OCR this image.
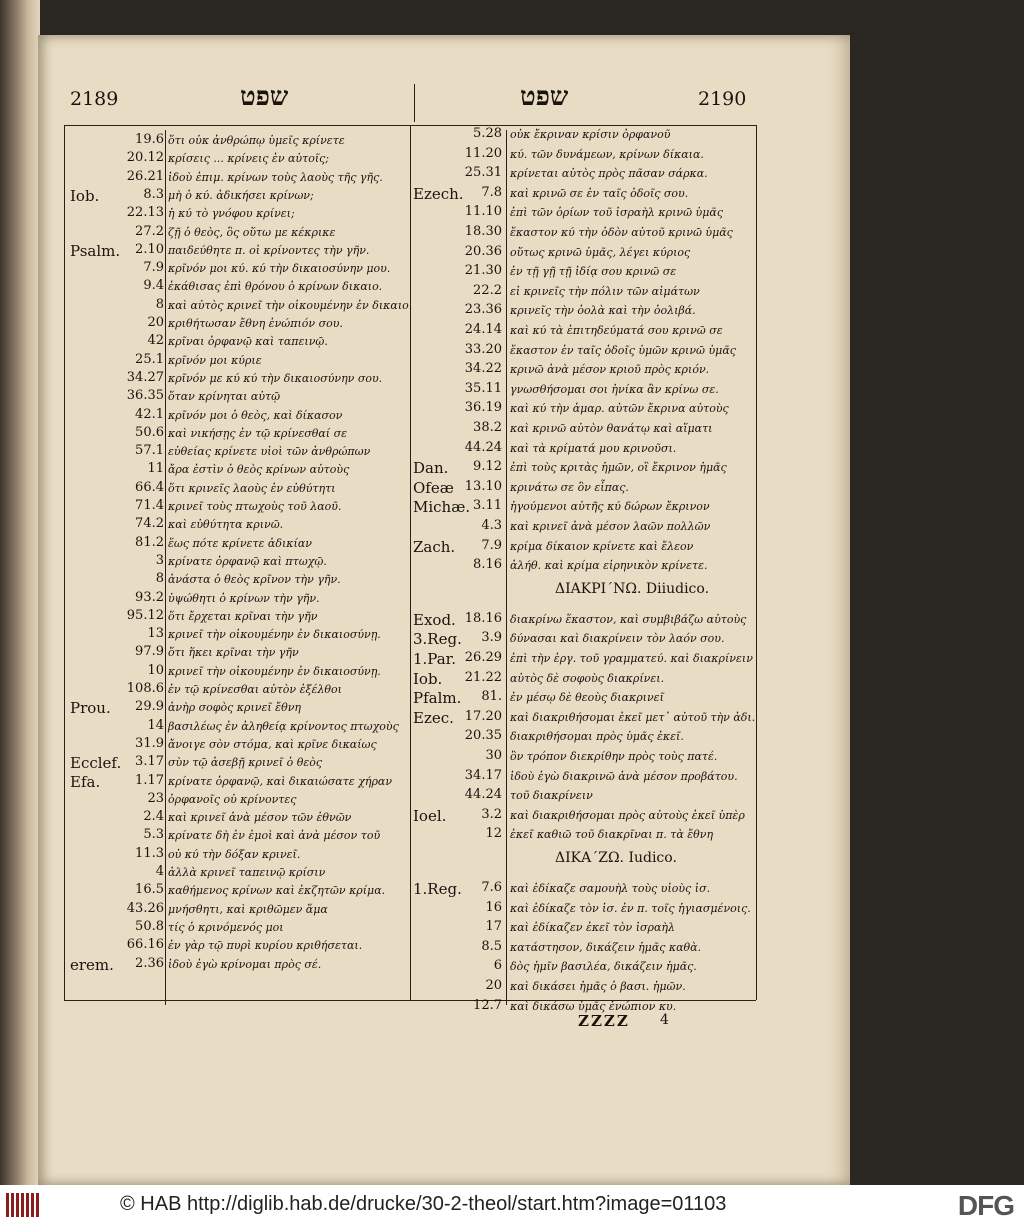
2189	שפט	שפט	2190
19.6 ὅτι οὐκ ἀνθρώπῳ ὑμεῖς κρίνετε
20.12 κρίσεις ... κρίνεις ἐν αὐτοῖς;
26.21 ἰδοὺ ἐπιμ. κρίνων τοὺς λαοὺς τῆς γῆς.
Iob.	8.3 μὴ ὁ κύ. ἀδικήσει κρίνων;
22.13 ἡ κύ τὸ γνόφου κρίνει;
27.2 ζῇ ὁ θεὸς, ὃς οὕτω με κέκρικε
Psalm.	2.10 παιδεύθητε π. οἱ κρίνοντες τὴν γῆν.
7.9 κρῖνόν μοι κύ. κύ τὴν δικαιοσύνην μου.
9.4 ἐκάθισας ἐπὶ θρόνου ὁ κρίνων δικαιο.
8 καὶ αὐτὸς κρινεῖ τὴν οἰκουμένην ἐν δικαιο.
20 κριθήτωσαν ἔθνη ἐνώπιόν σου.
42 κρῖναι ὀρφανῷ καὶ ταπεινῷ.
25.1 κρῖνόν μοι κύριε
34.27 κρῖνόν με κύ κύ τὴν δικαιοσύνην σου.
36.35 ὅταν κρίνηται αὐτῷ
42.1 κρῖνόν μοι ὁ θεὸς, καὶ δίκασον
50.6 καὶ νικήσῃς ἐν τῷ κρίνεσθαί σε
57.1 εὐθείας κρίνετε υἱοὶ τῶν ἀνθρώπων
11 ἄρα ἐστὶν ὁ θεὸς κρίνων αὐτοὺς
66.4 ὅτι κρινεῖς λαοὺς ἐν εὐθύτητι
71.4 κρινεῖ τοὺς πτωχοὺς τοῦ λαοῦ.
74.2 καὶ εὐθύτητα κρινῶ.
81.2 ἕως πότε κρίνετε ἀδικίαν
3 κρίνατε ὀρφανῷ καὶ πτωχῷ.
8 ἀνάστα ὁ θεὸς κρῖνον τὴν γῆν.
93.2 ὑψώθητι ὁ κρίνων τὴν γῆν.
95.12 ὅτι ἔρχεται κρῖναι τὴν γῆν
13 κρινεῖ τὴν οἰκουμένην ἐν δικαιοσύνῃ.
97.9 ὅτι ἥκει κρῖναι τὴν γῆν
10 κρινεῖ τὴν οἰκουμένην ἐν δικαιοσύνῃ.
108.6 ἐν τῷ κρίνεσθαι αὐτὸν ἐξέλθοι
Prou.	29.9 ἀνὴρ σοφὸς κρινεῖ ἔθνη
14 βασιλέως ἐν ἀληθείᾳ κρίνοντος πτωχοὺς
31.9 ἄνοιγε σὸν στόμα, καὶ κρῖνε δικαίως
Ecclef.	3.17 σὺν τῷ ἀσεβῇ κρινεῖ ὁ θεὸς
Efa.	1.17 κρίνατε ὀρφανῷ, καὶ δικαιώσατε χήραν
23 ὀρφανοῖς οὐ κρίνοντες
2.4 καὶ κρινεῖ ἀνὰ μέσον τῶν ἐθνῶν
5.3 κρίνατε δὴ ἐν ἐμοὶ καὶ ἀνὰ μέσον τοῦ
11.3 οὐ κύ τὴν δόξαν κρινεῖ.
4 ἀλλὰ κρινεῖ ταπεινῷ κρίσιν
16.5 καθήμενος κρίνων καὶ ἐκζητῶν κρίμα.
43.26 μνήσθητι, καὶ κριθῶμεν ἅμα
50.8 τίς ὁ κρινόμενός μοι
66.16 ἐν γὰρ τῷ πυρὶ κυρίου κριθήσεται.
erem.	2.36 ἰδοὺ ἐγὼ κρίνομαι πρὸς σέ.
5.28 οὐκ ἔκριναν κρίσιν ὀρφανοῦ
11.20 κύ. τῶν δυνάμεων, κρίνων δίκαια.
25.31 κρίνεται αὐτὸς πρὸς πᾶσαν σάρκα.
Ezech.	7.8 καὶ κρινῶ σε ἐν ταῖς ὁδοῖς σου.
11.10 ἐπὶ τῶν ὁρίων τοῦ ἰσραὴλ κρινῶ ὑμᾶς
18.30 ἕκαστον κύ τὴν ὁδὸν αὐτοῦ κρινῶ ὑμᾶς
20.36 οὕτως κρινῶ ὑμᾶς, λέγει κύριος
21.30 ἐν τῇ γῇ τῇ ἰδίᾳ σου κρινῶ σε
22.2 εἰ κρινεῖς τὴν πόλιν τῶν αἱμάτων
23.36 κρινεῖς τὴν ὀολὰ καὶ τὴν ὀολιβά.
24.14 καὶ κύ τὰ ἐπιτηδεύματά σου κρινῶ σε
33.20 ἕκαστον ἐν ταῖς ὁδοῖς ὑμῶν κρινῶ ὑμᾶς
34.22 κρινῶ ἀνὰ μέσον κριοῦ πρὸς κριόν.
35.11 γνωσθήσομαι σοι ἡνίκα ἂν κρίνω σε.
36.19 καὶ κύ τὴν ἁμαρ. αὐτῶν ἔκρινα αὐτοὺς
38.2 καὶ κρινῶ αὐτὸν θανάτῳ καὶ αἵματι
44.24 καὶ τὰ κρίματά μου κρινοῦσι.
Dan.	9.12 ἐπὶ τοὺς κριτὰς ἡμῶν, οἳ ἔκρινον ἡμᾶς
Ofeæ 13.10 κρινάτω σε ὃν εἶπας.
Michæ. 3.11 ἡγούμενοι αὐτῆς κύ δώρων ἔκρινον
4.3 καὶ κρινεῖ ἀνὰ μέσον λαῶν πολλῶν
Zach.	7.9 κρίμα δίκαιον κρίνετε καὶ ἔλεον
8.16 ἀλήθ. καὶ κρίμα εἰρηνικὸν κρίνετε.
ΔΙΑΚΡΙ΄ΝΩ. Diiudico.
Exod. 18.16 διακρίνω ἕκαστον, καὶ συμβιβάζω αὐτοὺς
3.Reg.	3.9 δύνασαι καὶ διακρίνειν τὸν λαόν σου.
1.Par. 26.29 ἐπὶ τὴν ἐργ. τοῦ γραμματεύ. καὶ διακρίνειν
Iob.	21.22 αὐτὸς δὲ σοφοὺς διακρίνει.
Pfalm.	81. ἐν μέσῳ δὲ θεοὺς διακρινεῖ
Ezec. 17.20 καὶ διακριθήσομαι ἐκεῖ μετ᾽ αὐτοῦ τὴν ἀδι.
20.35 διακριθήσομαι πρὸς ὑμᾶς ἐκεῖ.
30 ὃν τρόπον διεκρίθην πρὸς τοὺς πατέ.
34.17 ἰδοὺ ἐγὼ διακρινῶ ἀνὰ μέσον προβάτου.
44.24 τοῦ διακρίνειν
Ioel.	3.2 καὶ διακριθήσομαι πρὸς αὐτοὺς ἐκεῖ ὑπὲρ
12 ἐκεῖ καθιῶ τοῦ διακρῖναι π. τὰ ἔθνη
ΔΙΚΑ΄ΖΩ. Iudico.
1.Reg.	7.6 καὶ ἐδίκαζε σαμουὴλ τοὺς υἱοὺς ἰσ.
16 καὶ ἐδίκαζε τὸν ἰσ. ἐν π. τοῖς ἡγιασμένοις.
17 καὶ ἐδίκαζεν ἐκεῖ τὸν ἰσραὴλ
8.5 κατάστησον, δικάζειν ἡμᾶς καθὰ.
6 δὸς ἡμῖν βασιλέα, δικάζειν ἡμᾶς.
20 καὶ δικάσει ἡμᾶς ὁ βασι. ἡμῶν.
12.7 καὶ δικάσω ὑμᾶς ἐνώπιον κυ.
ZZZZ 4
© HAB http://diglib.hab.de/drucke/30-2-theol/start.htm?image=01103	DFG
